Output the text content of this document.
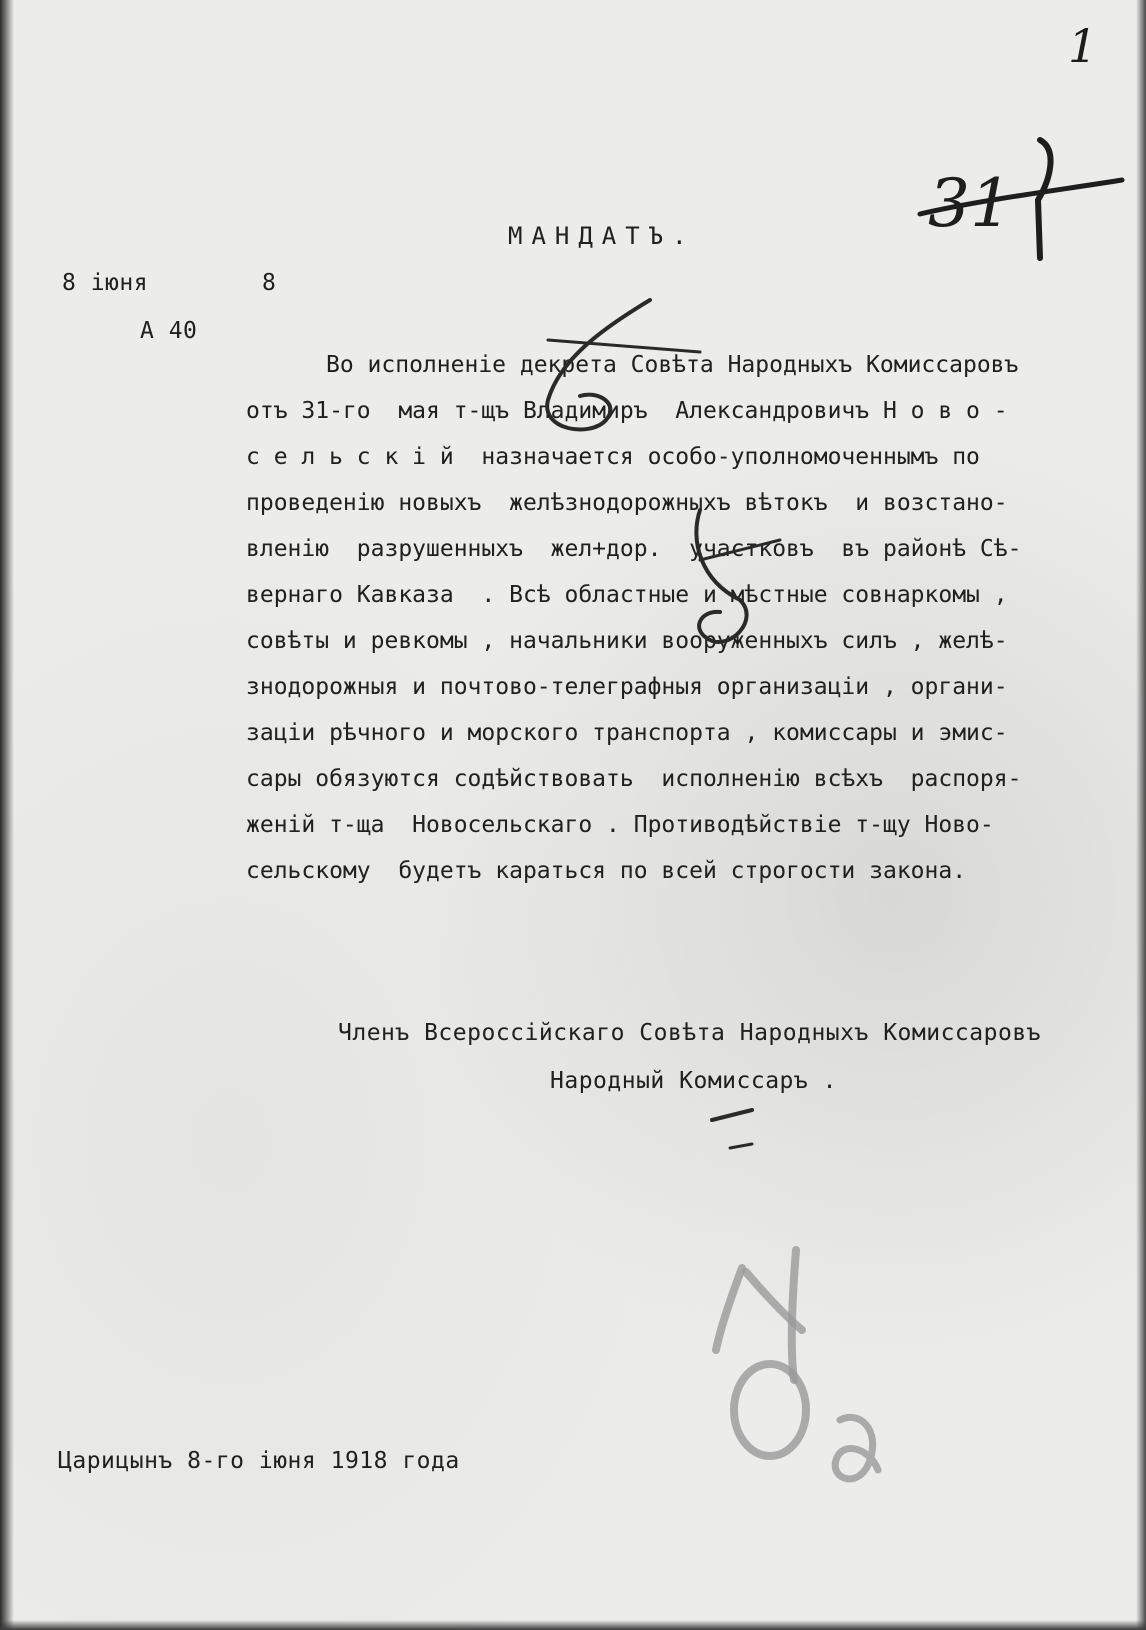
МАНДАТЪ.
8 іюня	8
А 40
Во исполненіе декрета Совѣта Народныхъ Комиссаровъ
отъ 31-го  мая т-щъ Владимиръ  Александровичъ Н о в о -
с е л ь с к і й  назначается особо-уполномоченнымъ по
проведенію новыхъ  желѣзнодорожныхъ вѣтокъ  и возстано-
вленію  разрушенныхъ  жел+дор.  участковъ  въ районѣ Сѣ-
вернаго Кавказа  . Всѣ областные и мѣстные совнаркомы ,
совѣты и ревкомы , начальники вооруженныхъ силъ , желѣ-
знодорожныя и почтово-телеграфныя организаціи , органи-
заціи рѣчного и морского транспорта , комиссары и эмис-
сары обязуются содѣйствовать  исполненію всѣхъ  распоря-
женій т-ща  Новосельскаго . Противодѣйствіе т-щу Ново-
сельскому  будетъ караться по всей строгости закона.
Членъ Всероссійскаго Совѣта Народныхъ Комиссаровъ
Народный Комиссаръ .
Царицынъ 8-го іюня 1918 года
1
31
